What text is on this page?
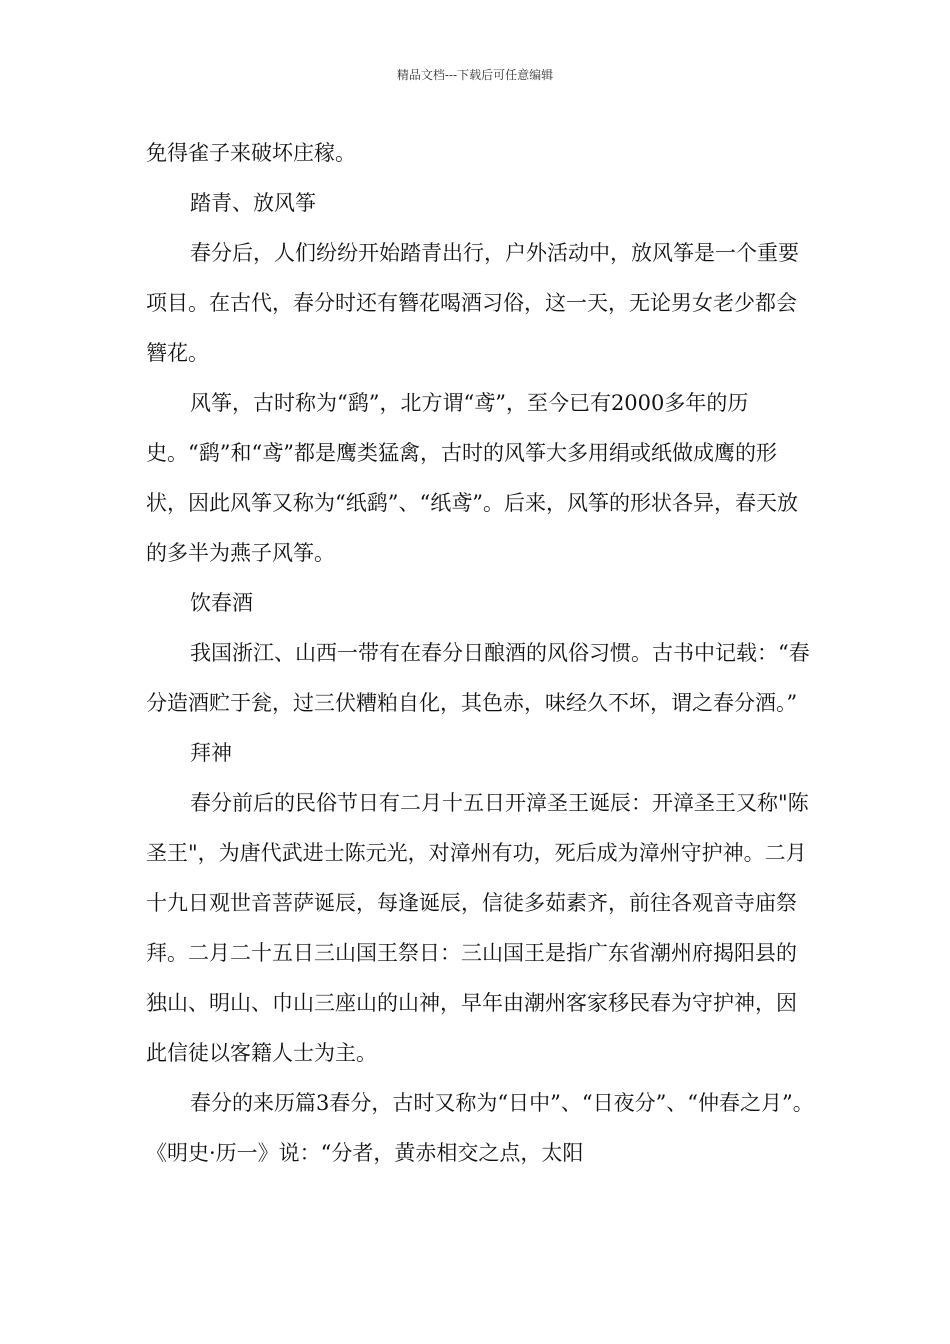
精品文档---下载后可任意编辑

免得雀子来破坏庄稼。

踏青、放风筝

春分后，人们纷纷开始踏青出行，户外活动中，放风筝是一个重要项目。在古代，春分时还有簪花喝酒习俗，这一天，无论男女老少都会簪花。

风筝，古时称为“鹞”，北方谓“鸢”，至今已有2000多年的历史。“鹞”和“鸢”都是鹰类猛禽，古时的风筝大多用绢或纸做成鹰的形状，因此风筝又称为“纸鹞”、“纸鸢”。后来，风筝的形状各异，春天放的多半为燕子风筝。

饮春酒

我国浙江、山西一带有在春分日酿酒的风俗习惯。古书中记载：“春分造酒贮于瓮，过三伏糟粕自化，其色赤，味经久不坏，谓之春分酒。”

拜神

春分前后的民俗节日有二月十五日开漳圣王诞辰：开漳圣王又称"陈圣王"，为唐代武进士陈元光，对漳州有功，死后成为漳州守护神。二月十九日观世音菩萨诞辰，每逢诞辰，信徒多茹素齐，前往各观音寺庙祭拜。二月二十五日三山国王祭日：三山国王是指广东省潮州府揭阳县的独山、明山、巾山三座山的山神，早年由潮州客家移民春为守护神，因此信徒以客籍人士为主。

春分的来历篇3春分，古时又称为“日中”、“日夜分”、“仲春之月”。《明史·历一》说：“分者，黄赤相交之点，太阳
